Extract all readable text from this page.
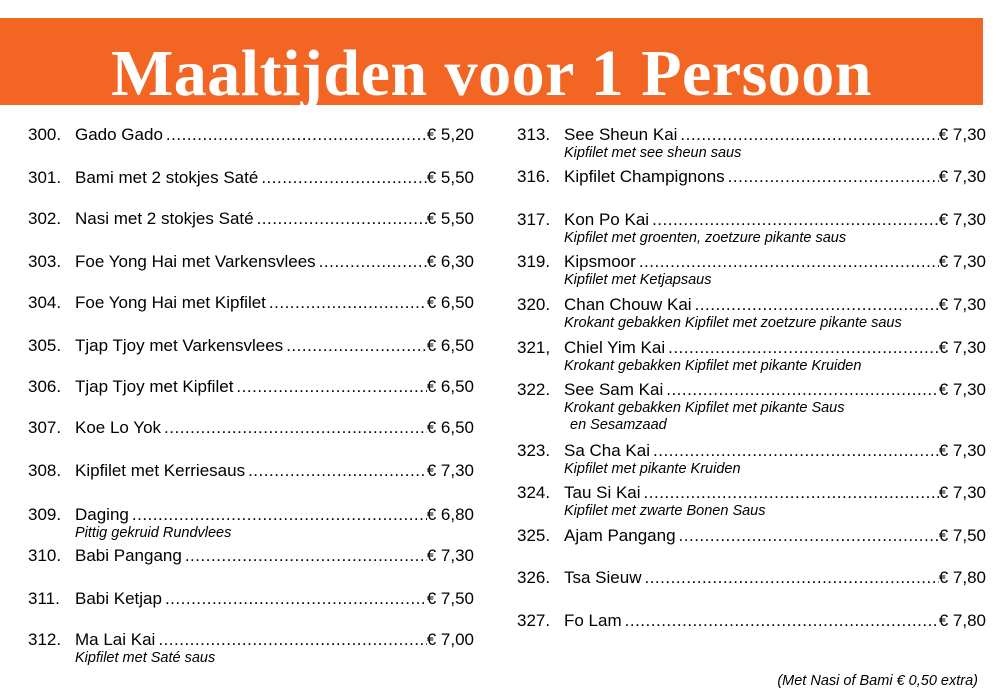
Maaltijden voor 1 Persoon
300. Gado Gado .....	€ 5,20
301. Bami met 2 stokjes Saté .....	€ 5,50
302. Nasi met 2 stokjes Saté .....	€ 5,50
303. Foe Yong Hai met Varkensvlees .....	€ 6,30
304. Foe Yong Hai met Kipfilet .....	€ 6,50
305. Tjap Tjoy met Varkensvlees .....	€ 6,50
306. Tjap Tjoy met Kipfilet .....	€ 6,50
307. Koe Lo Yok .....	€ 6,50
308. Kipfilet met Kerriesaus .....	€ 7,30
309. Daging .....	€ 6,80
Pittig gekruid Rundvlees
310. Babi Pangang .....	€ 7,30
311. Babi Ketjap .....	€ 7,50
312. Ma Lai Kai .....	€ 7,00
Kipfilet met Saté saus
313. See Sheun Kai .....	€ 7,30
Kipfilet met see sheun saus
316. Kipfilet Champignons .....	€ 7,30
317. Kon Po Kai .....	€ 7,30
Kipfilet met groenten, zoetzure pikante saus
319. Kipsmoor .....	€ 7,30
Kipfilet met Ketjapsaus
320. Chan Chouw Kai .....	€ 7,30
Krokant gebakken Kipfilet met zoetzure pikante saus
321, Chiel Yim Kai .....	€ 7,30
Krokant gebakken Kipfilet met pikante Kruiden
322. See Sam Kai .....	€ 7,30
Krokant gebakken Kipfilet met pikante Saus
en Sesamzaad
323. Sa Cha Kai .....	€ 7,30
Kipfilet met pikante Kruiden
324. Tau Si Kai .....	€ 7,30
Kipfilet met zwarte Bonen Saus
325. Ajam Pangang .....	€ 7,50
326. Tsa Sieuw .....	€ 7,80
327. Fo Lam .....	€ 7,80
(Met Nasi of Bami € 0,50 extra)
